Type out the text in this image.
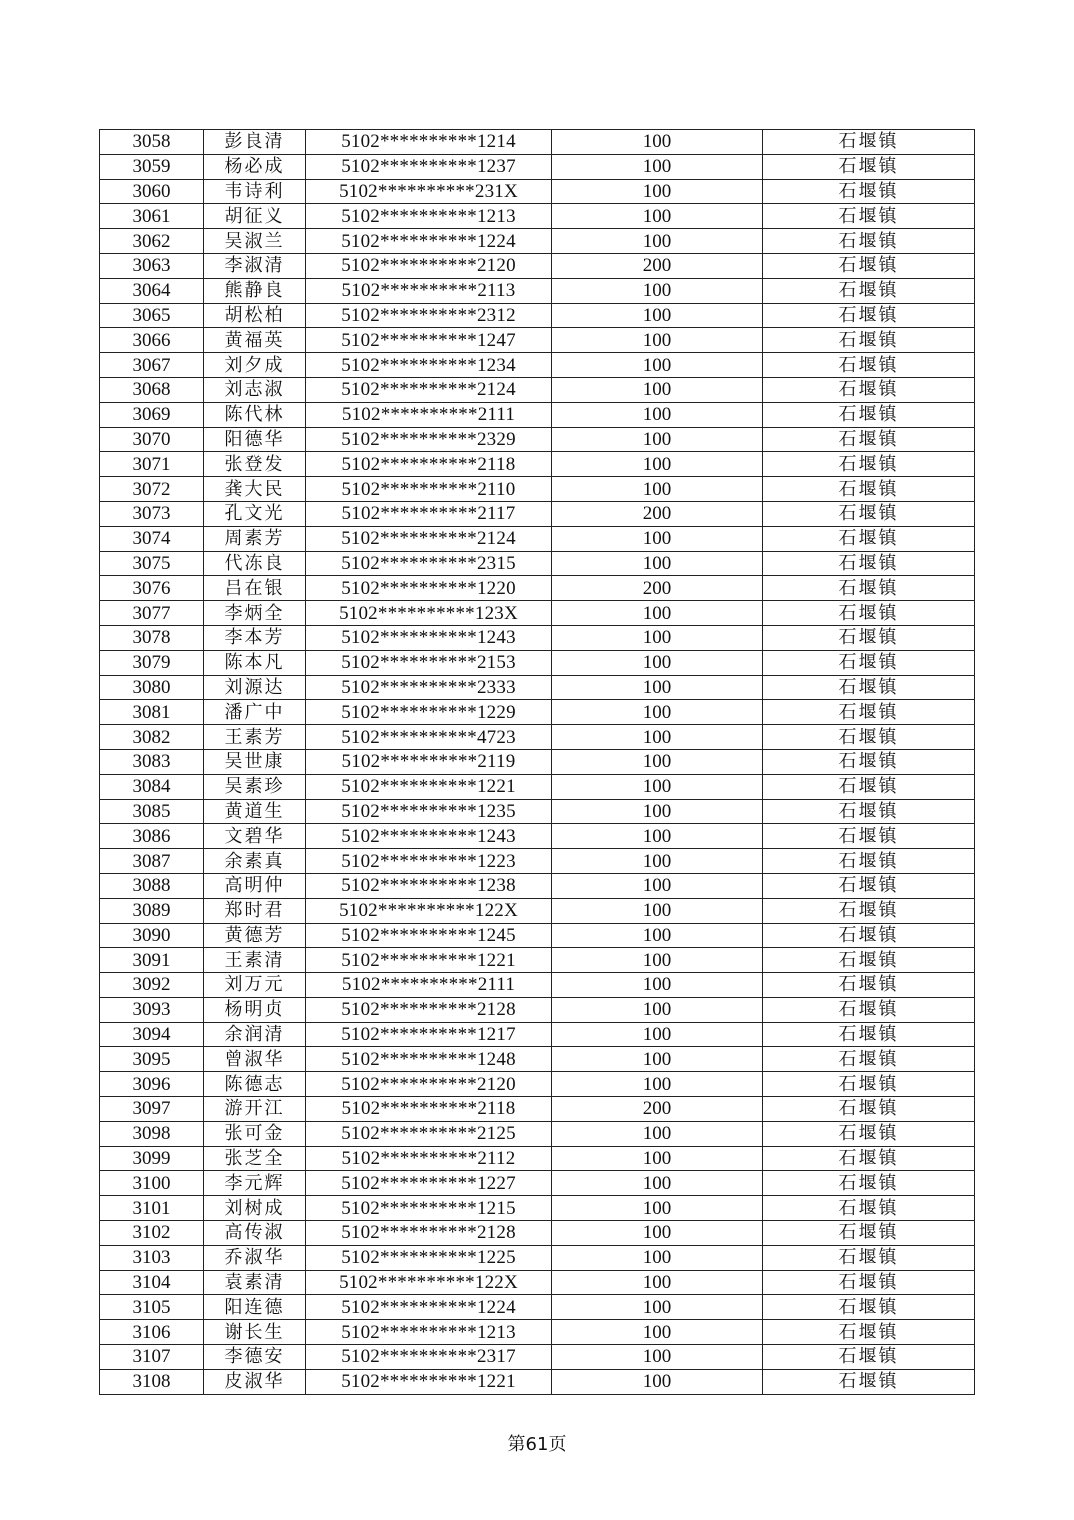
3058	彭良清	5102**********1214	100	石堰镇
3059	杨必成	5102**********1237	100	石堰镇
3060	韦诗利	5102**********231X	100	石堰镇
3061	胡征义	5102**********1213	100	石堰镇
3062	吴淑兰	5102**********1224	100	石堰镇
3063	李淑清	5102**********2120	200	石堰镇
3064	熊静良	5102**********2113	100	石堰镇
3065	胡松柏	5102**********2312	100	石堰镇
3066	黄福英	5102**********1247	100	石堰镇
3067	刘夕成	5102**********1234	100	石堰镇
3068	刘志淑	5102**********2124	100	石堰镇
3069	陈代林	5102**********2111	100	石堰镇
3070	阳德华	5102**********2329	100	石堰镇
3071	张登发	5102**********2118	100	石堰镇
3072	龚大民	5102**********2110	100	石堰镇
3073	孔文光	5102**********2117	200	石堰镇
3074	周素芳	5102**********2124	100	石堰镇
3075	代冻良	5102**********2315	100	石堰镇
3076	吕在银	5102**********1220	200	石堰镇
3077	李炳全	5102**********123X	100	石堰镇
3078	李本芳	5102**********1243	100	石堰镇
3079	陈本凡	5102**********2153	100	石堰镇
3080	刘源达	5102**********2333	100	石堰镇
3081	潘广中	5102**********1229	100	石堰镇
3082	王素芳	5102**********4723	100	石堰镇
3083	吴世康	5102**********2119	100	石堰镇
3084	吴素珍	5102**********1221	100	石堰镇
3085	黄道生	5102**********1235	100	石堰镇
3086	文碧华	5102**********1243	100	石堰镇
3087	余素真	5102**********1223	100	石堰镇
3088	高明仲	5102**********1238	100	石堰镇
3089	郑时君	5102**********122X	100	石堰镇
3090	黄德芳	5102**********1245	100	石堰镇
3091	王素清	5102**********1221	100	石堰镇
3092	刘万元	5102**********2111	100	石堰镇
3093	杨明贞	5102**********2128	100	石堰镇
3094	余润清	5102**********1217	100	石堰镇
3095	曾淑华	5102**********1248	100	石堰镇
3096	陈德志	5102**********2120	100	石堰镇
3097	游开江	5102**********2118	200	石堰镇
3098	张可金	5102**********2125	100	石堰镇
3099	张芝全	5102**********2112	100	石堰镇
3100	李元辉	5102**********1227	100	石堰镇
3101	刘树成	5102**********1215	100	石堰镇
3102	高传淑	5102**********2128	100	石堰镇
3103	乔淑华	5102**********1225	100	石堰镇
3104	袁素清	5102**********122X	100	石堰镇
3105	阳连德	5102**********1224	100	石堰镇
3106	谢长生	5102**********1213	100	石堰镇
3107	李德安	5102**********2317	100	石堰镇
3108	皮淑华	5102**********1221	100	石堰镇
第61页
